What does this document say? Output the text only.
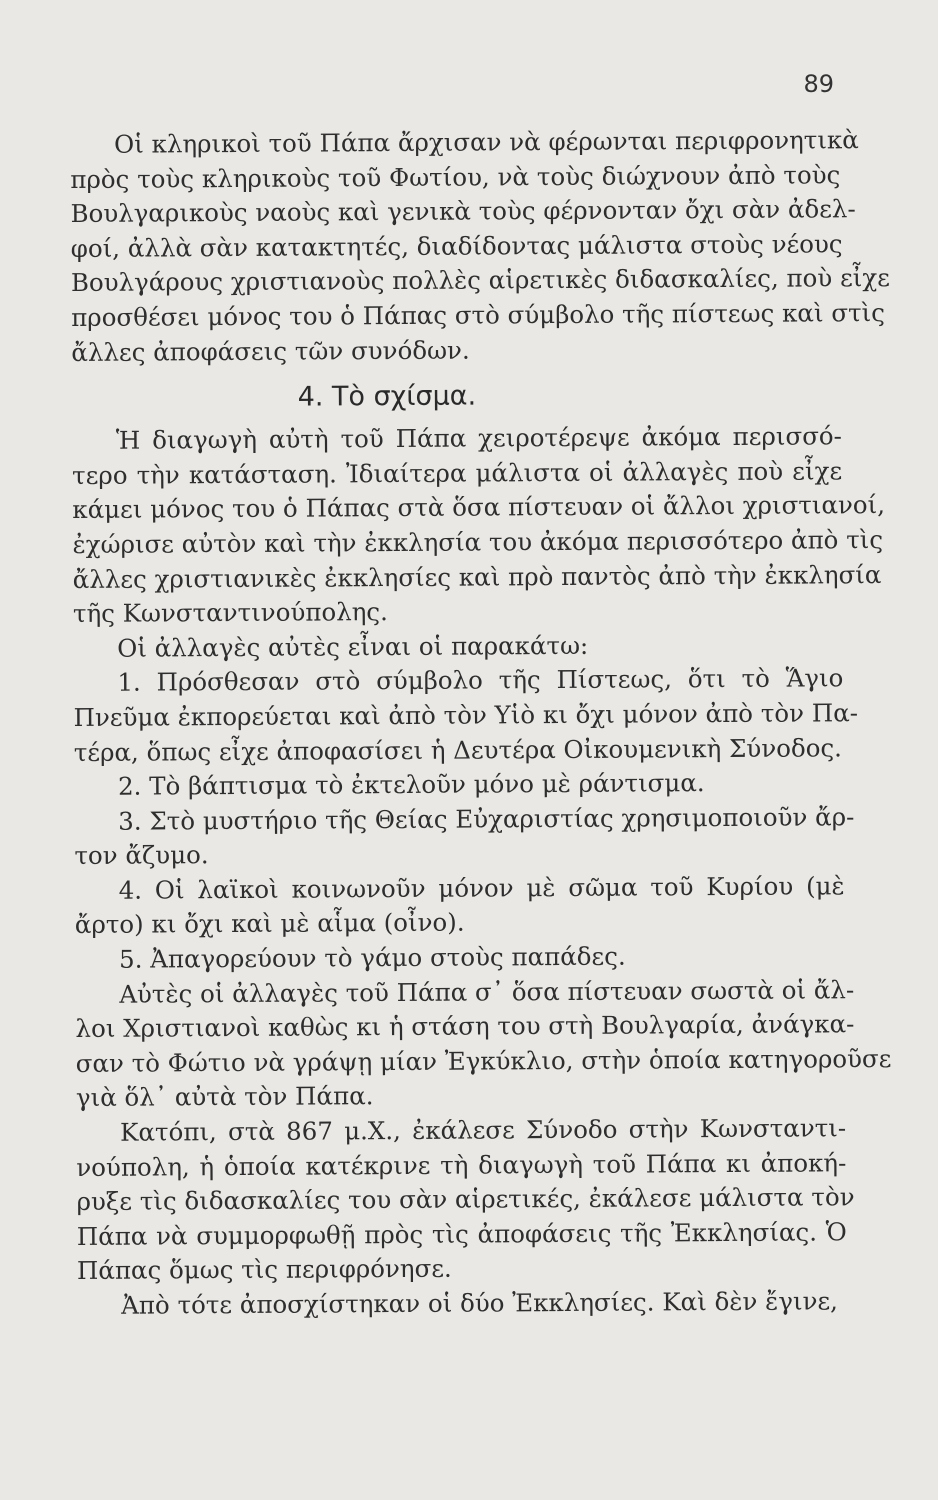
89
Οἱ κληρικοὶ τοῦ Πάπα ἄρχισαν νὰ φέρωνται περιφρονητικὰ
πρὸς τοὺς κληρικοὺς τοῦ Φωτίου, νὰ τοὺς διώχνουν ἀπὸ τοὺς
Βουλγαρικοὺς ναοὺς καὶ γενικὰ τοὺς φέρνονταν ὄχι σὰν ἀδελ-
φοί, ἀλλὰ σὰν κατακτητές, διαδίδοντας μάλιστα στοὺς νέους
Βουλγάρους χριστιανοὺς πολλὲς αἱρετικὲς διδασκαλίες, ποὺ εἶχε
προσθέσει μόνος του ὁ Πάπας στὸ σύμβολο τῆς πίστεως καὶ στὶς
ἄλλες ἀποφάσεις τῶν συνόδων.
4. Τὸ σχίσμα.
Ἡ διαγωγὴ αὐτὴ τοῦ Πάπα χειροτέρεψε ἀκόμα περισσό-
τερο τὴν κατάσταση. Ἰδιαίτερα μάλιστα οἱ ἀλλαγὲς ποὺ εἶχε
κάμει μόνος του ὁ Πάπας στὰ ὅσα πίστευαν οἱ ἄλλοι χριστιανοί,
ἐχώρισε αὐτὸν καὶ τὴν ἐκκλησία του ἀκόμα περισσότερο ἀπὸ τὶς
ἄλλες χριστιανικὲς ἐκκλησίες καὶ πρὸ παντὸς ἀπὸ τὴν ἐκκλησία
τῆς Κωνσταντινούπολης.
Οἱ ἀλλαγὲς αὐτὲς εἶναι οἱ παρακάτω:
1. Πρόσθεσαν στὸ σύμβολο τῆς Πίστεως, ὅτι τὸ Ἅγιο
Πνεῦμα ἐκπορεύεται καὶ ἀπὸ τὸν Υἱὸ κι ὄχι μόνον ἀπὸ τὸν Πα-
τέρα, ὅπως εἶχε ἀποφασίσει ἡ Δευτέρα Οἰκουμενικὴ Σύνοδος.
2. Τὸ βάπτισμα τὸ ἐκτελοῦν μόνο μὲ ράντισμα.
3. Στὸ μυστήριο τῆς Θείας Εὐχαριστίας χρησιμοποιοῦν ἄρ-
τον ἄζυμο.
4. Οἱ λαϊκοὶ κοινωνοῦν μόνον μὲ σῶμα τοῦ Κυρίου (μὲ
ἄρτο) κι ὄχι καὶ μὲ αἷμα (οἶνο).
5. Ἀπαγορεύουν τὸ γάμο στοὺς παπάδες.
Αὐτὲς οἱ ἀλλαγὲς τοῦ Πάπα σ᾿ ὅσα πίστευαν σωστὰ οἱ ἄλ-
λοι Χριστιανοὶ καθὼς κι ἡ στάση του στὴ Βουλγαρία, ἀνάγκα-
σαν τὸ Φώτιο νὰ γράψῃ μίαν Ἐγκύκλιο, στὴν ὁποία κατηγοροῦσε
γιὰ ὅλ᾿ αὐτὰ τὸν Πάπα.
Κατόπι, στὰ 867 μ.Χ., ἐκάλεσε Σύνοδο στὴν Κωνσταντι-
νούπολη, ἡ ὁποία κατέκρινε τὴ διαγωγὴ τοῦ Πάπα κι ἀποκή-
ρυξε τὶς διδασκαλίες του σὰν αἱρετικές, ἐκάλεσε μάλιστα τὸν
Πάπα νὰ συμμορφωθῇ πρὸς τὶς ἀποφάσεις τῆς Ἐκκλησίας. Ὁ
Πάπας ὅμως τὶς περιφρόνησε.
Ἀπὸ τότε ἀποσχίστηκαν οἱ δύο Ἐκκλησίες. Καὶ δὲν ἔγινε,
